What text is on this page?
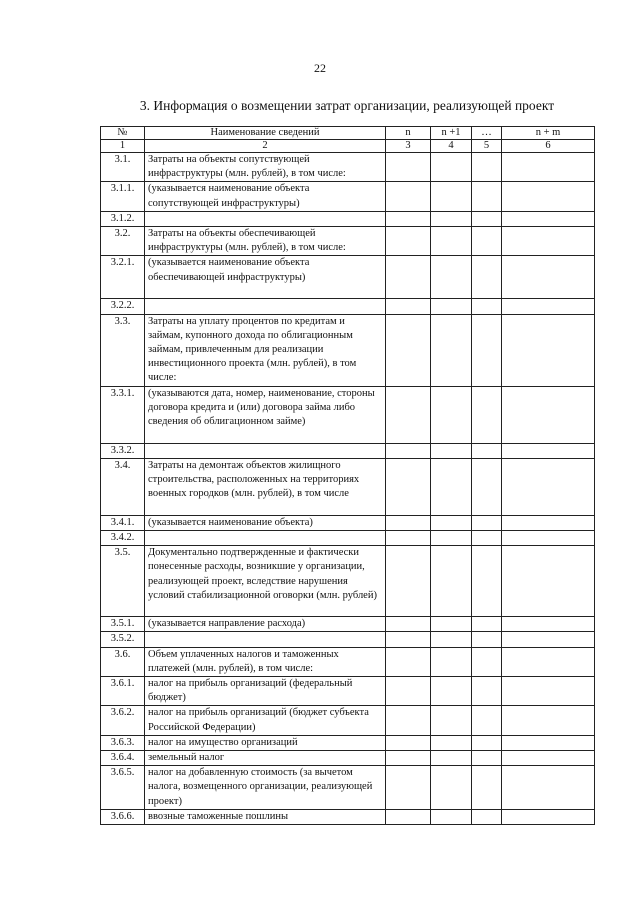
22
3. Информация о возмещении затрат организации, реализующей проект
№	Наименование сведений	n	n +1	…	n + m
1	2	3	4	5	6
3.1.	Затраты на объекты сопутствующей инфраструктуры (млн. рублей), в том числе:				
3.1.1.	(указывается наименование объекта сопутствующей инфраструктуры)				
3.1.2.					
3.2.	Затраты на объекты обеспечивающей инфраструктуры (млн. рублей), в том числе:				
3.2.1.	(указывается наименование объекта обеспечивающей инфраструктуры)				
3.2.2.					
3.3.	Затраты на уплату процентов по кредитам и займам, купонного дохода по облигационным займам, привлеченным для реализации инвестиционного проекта (млн. рублей), в том числе:				
3.3.1.	(указываются дата, номер, наименование, стороны договора кредита и (или) договора займа либо сведения об облигационном займе)				
3.3.2.					
3.4.	Затраты на демонтаж объектов жилищного строительства, расположенных на территориях военных городков (млн. рублей), в том числе				
3.4.1.	(указывается наименование объекта)				
3.4.2.					
3.5.	Документально подтвержденные и фактически понесенные расходы, возникшие у организации, реализующей проект, вследствие нарушения условий стабилизационной оговорки (млн. рублей)				
3.5.1.	(указывается направление расхода)				
3.5.2.					
3.6.	Объем уплаченных налогов и таможенных платежей (млн. рублей), в том числе:				
3.6.1.	налог на прибыль организаций (федеральный бюджет)				
3.6.2.	налог на прибыль организаций (бюджет субъекта Российской Федерации)				
3.6.3.	налог на имущество организаций				
3.6.4.	земельный налог				
3.6.5.	налог на добавленную стоимость (за вычетом налога, возмещенного организации, реализующей проект)				
3.6.6.	ввозные таможенные пошлины				
